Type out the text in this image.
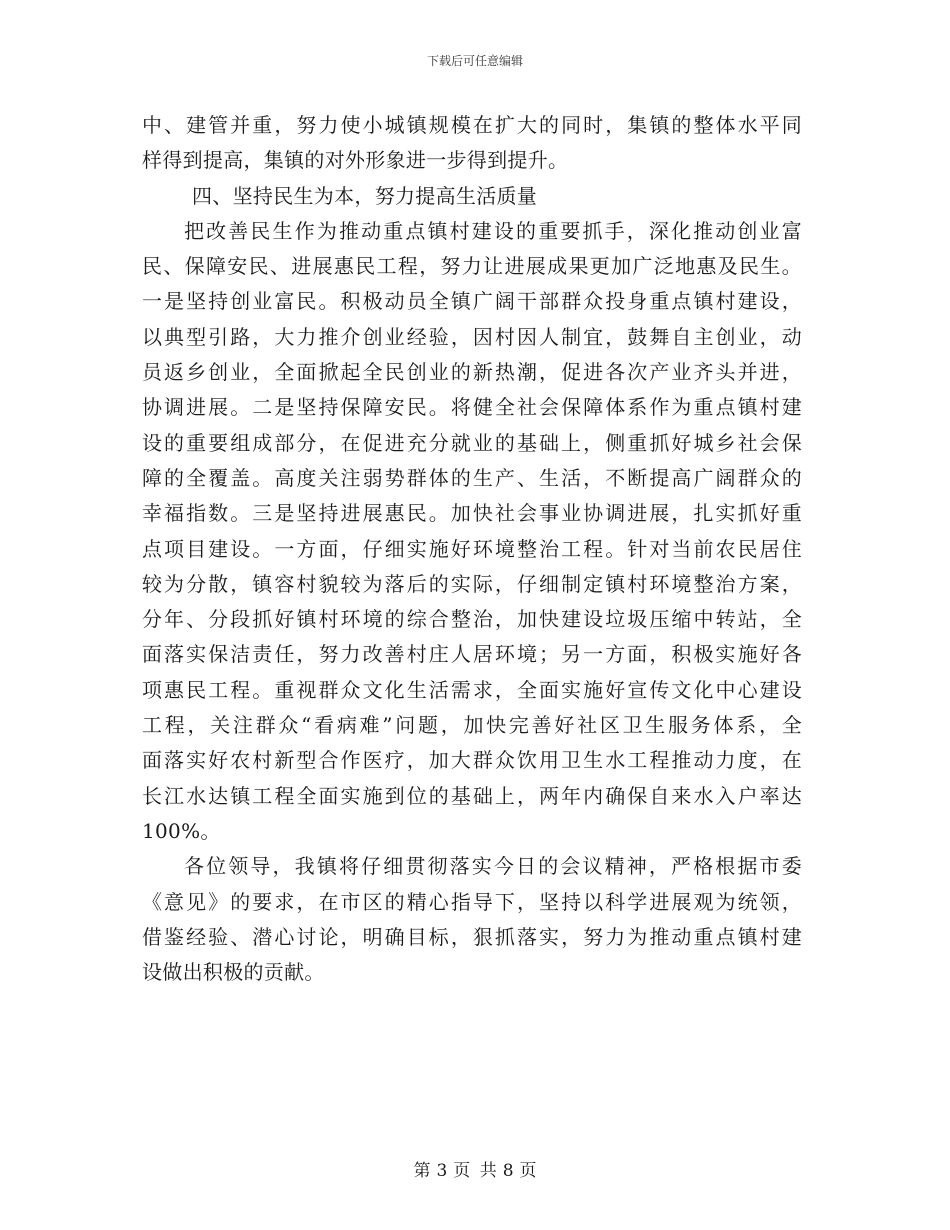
下载后可任意编辑
中、建管并重，努力使小城镇规模在扩大的同时，集镇的整体水平同
样得到提高，集镇的对外形象进一步得到提升。
四、坚持民生为本，努力提高生活质量
把改善民生作为推动重点镇村建设的重要抓手，深化推动创业富
民、保障安民、进展惠民工程，努力让进展成果更加广泛地惠及民生。
一是坚持创业富民。积极动员全镇广阔干部群众投身重点镇村建设，
以典型引路，大力推介创业经验，因村因人制宜，鼓舞自主创业，动
员返乡创业，全面掀起全民创业的新热潮，促进各次产业齐头并进，
协调进展。二是坚持保障安民。将健全社会保障体系作为重点镇村建
设的重要组成部分，在促进充分就业的基础上，侧重抓好城乡社会保
障的全覆盖。高度关注弱势群体的生产、生活，不断提高广阔群众的
幸福指数。三是坚持进展惠民。加快社会事业协调进展，扎实抓好重
点项目建设。一方面，仔细实施好环境整治工程。针对当前农民居住
较为分散，镇容村貌较为落后的实际，仔细制定镇村环境整治方案，
分年、分段抓好镇村环境的综合整治，加快建设垃圾压缩中转站，全
面落实保洁责任，努力改善村庄人居环境；另一方面，积极实施好各
项惠民工程。重视群众文化生活需求，全面实施好宣传文化中心建设
工程，关注群众“看病难”问题，加快完善好社区卫生服务体系，全
面落实好农村新型合作医疗，加大群众饮用卫生水工程推动力度，在
长江水达镇工程全面实施到位的基础上，两年内确保自来水入户率达
100%。
各位领导，我镇将仔细贯彻落实今日的会议精神，严格根据市委
《意见》的要求，在市区的精心指导下，坚持以科学进展观为统领，
借鉴经验、潜心讨论，明确目标，狠抓落实，努力为推动重点镇村建
设做出积极的贡献。
第 3 页 共 8 页
